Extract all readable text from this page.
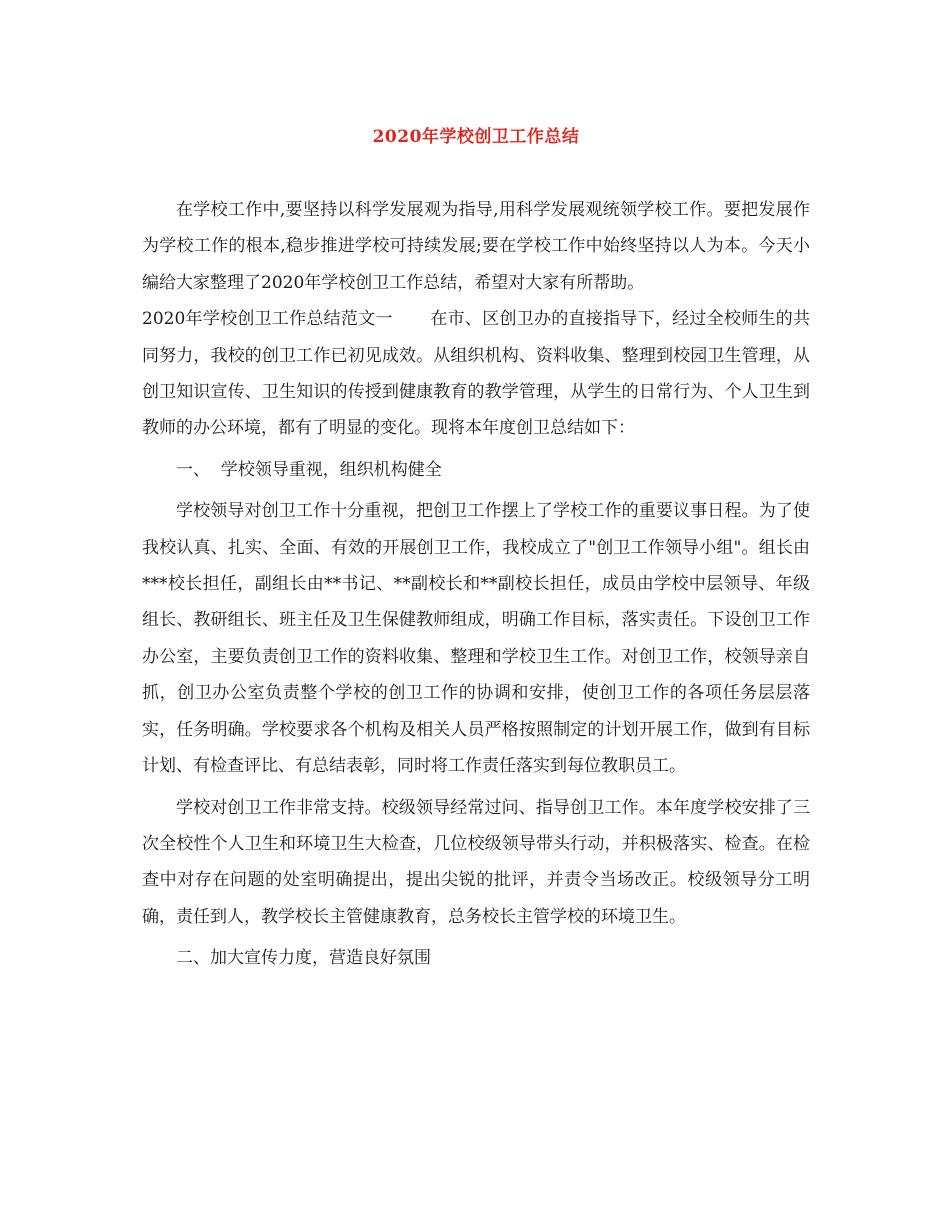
2020年学校创卫工作总结

在学校工作中,要坚持以科学发展观为指导,用科学发展观统领学校工作。要把发展作为学校工作的根本,稳步推进学校可持续发展;要在学校工作中始终坚持以人为本。今天小编给大家整理了2020年学校创卫工作总结，希望对大家有所帮助。

2020年学校创卫工作总结范文一 在市、区创卫办的直接指导下，经过全校师生的共同努力，我校的创卫工作已初见成效。从组织机构、资料收集、整理到校园卫生管理，从创卫知识宣传、卫生知识的传授到健康教育的教学管理，从学生的日常行为、个人卫生到教师的办公环境，都有了明显的变化。现将本年度创卫总结如下：

一、  学校领导重视，组织机构健全

学校领导对创卫工作十分重视，把创卫工作摆上了学校工作的重要议事日程。为了使我校认真、扎实、全面、有效的开展创卫工作，我校成立了"创卫工作领导小组"。组长由***校长担任，副组长由**书记、**副校长和**副校长担任，成员由学校中层领导、年级组长、教研组长、班主任及卫生保健教师组成，明确工作目标，落实责任。下设创卫工作办公室，主要负责创卫工作的资料收集、整理和学校卫生工作。对创卫工作，校领导亲自抓，创卫办公室负责整个学校的创卫工作的协调和安排，使创卫工作的各项任务层层落实，任务明确。学校要求各个机构及相关人员严格按照制定的计划开展工作，做到有目标计划、有检查评比、有总结表彰，同时将工作责任落实到每位教职员工。

学校对创卫工作非常支持。校级领导经常过问、指导创卫工作。本年度学校安排了三次全校性个人卫生和环境卫生大检查，几位校级领导带头行动，并积极落实、检查。在检查中对存在问题的处室明确提出，提出尖锐的批评，并责令当场改正。校级领导分工明确，责任到人，教学校长主管健康教育，总务校长主管学校的环境卫生。

二、加大宣传力度，营造良好氛围
